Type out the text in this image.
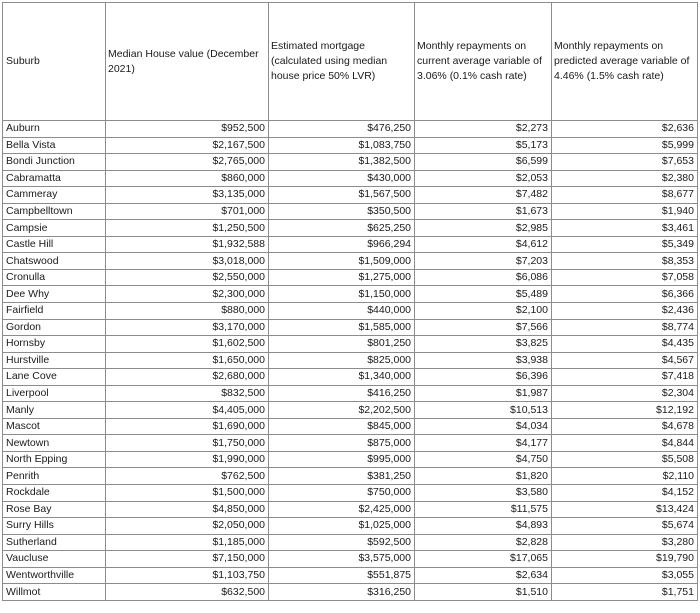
Suburb	Median House value (December 2021)	Estimated mortgage (calculated using median house price 50% LVR)	Monthly repayments on current average variable of 3.06% (0.1% cash rate)	Monthly repayments on predicted average variable of 4.46% (1.5% cash rate)
Auburn	$952,500	$476,250	$2,273	$2,636
Bella Vista	$2,167,500	$1,083,750	$5,173	$5,999
Bondi Junction	$2,765,000	$1,382,500	$6,599	$7,653
Cabramatta	$860,000	$430,000	$2,053	$2,380
Cammeray	$3,135,000	$1,567,500	$7,482	$8,677
Campbelltown	$701,000	$350,500	$1,673	$1,940
Campsie	$1,250,500	$625,250	$2,985	$3,461
Castle Hill	$1,932,588	$966,294	$4,612	$5,349
Chatswood	$3,018,000	$1,509,000	$7,203	$8,353
Cronulla	$2,550,000	$1,275,000	$6,086	$7,058
Dee Why	$2,300,000	$1,150,000	$5,489	$6,366
Fairfield	$880,000	$440,000	$2,100	$2,436
Gordon	$3,170,000	$1,585,000	$7,566	$8,774
Hornsby	$1,602,500	$801,250	$3,825	$4,435
Hurstville	$1,650,000	$825,000	$3,938	$4,567
Lane Cove	$2,680,000	$1,340,000	$6,396	$7,418
Liverpool	$832,500	$416,250	$1,987	$2,304
Manly	$4,405,000	$2,202,500	$10,513	$12,192
Mascot	$1,690,000	$845,000	$4,034	$4,678
Newtown	$1,750,000	$875,000	$4,177	$4,844
North Epping	$1,990,000	$995,000	$4,750	$5,508
Penrith	$762,500	$381,250	$1,820	$2,110
Rockdale	$1,500,000	$750,000	$3,580	$4,152
Rose Bay	$4,850,000	$2,425,000	$11,575	$13,424
Surry Hills	$2,050,000	$1,025,000	$4,893	$5,674
Sutherland	$1,185,000	$592,500	$2,828	$3,280
Vaucluse	$7,150,000	$3,575,000	$17,065	$19,790
Wentworthville	$1,103,750	$551,875	$2,634	$3,055
Willmot	$632,500	$316,250	$1,510	$1,751
